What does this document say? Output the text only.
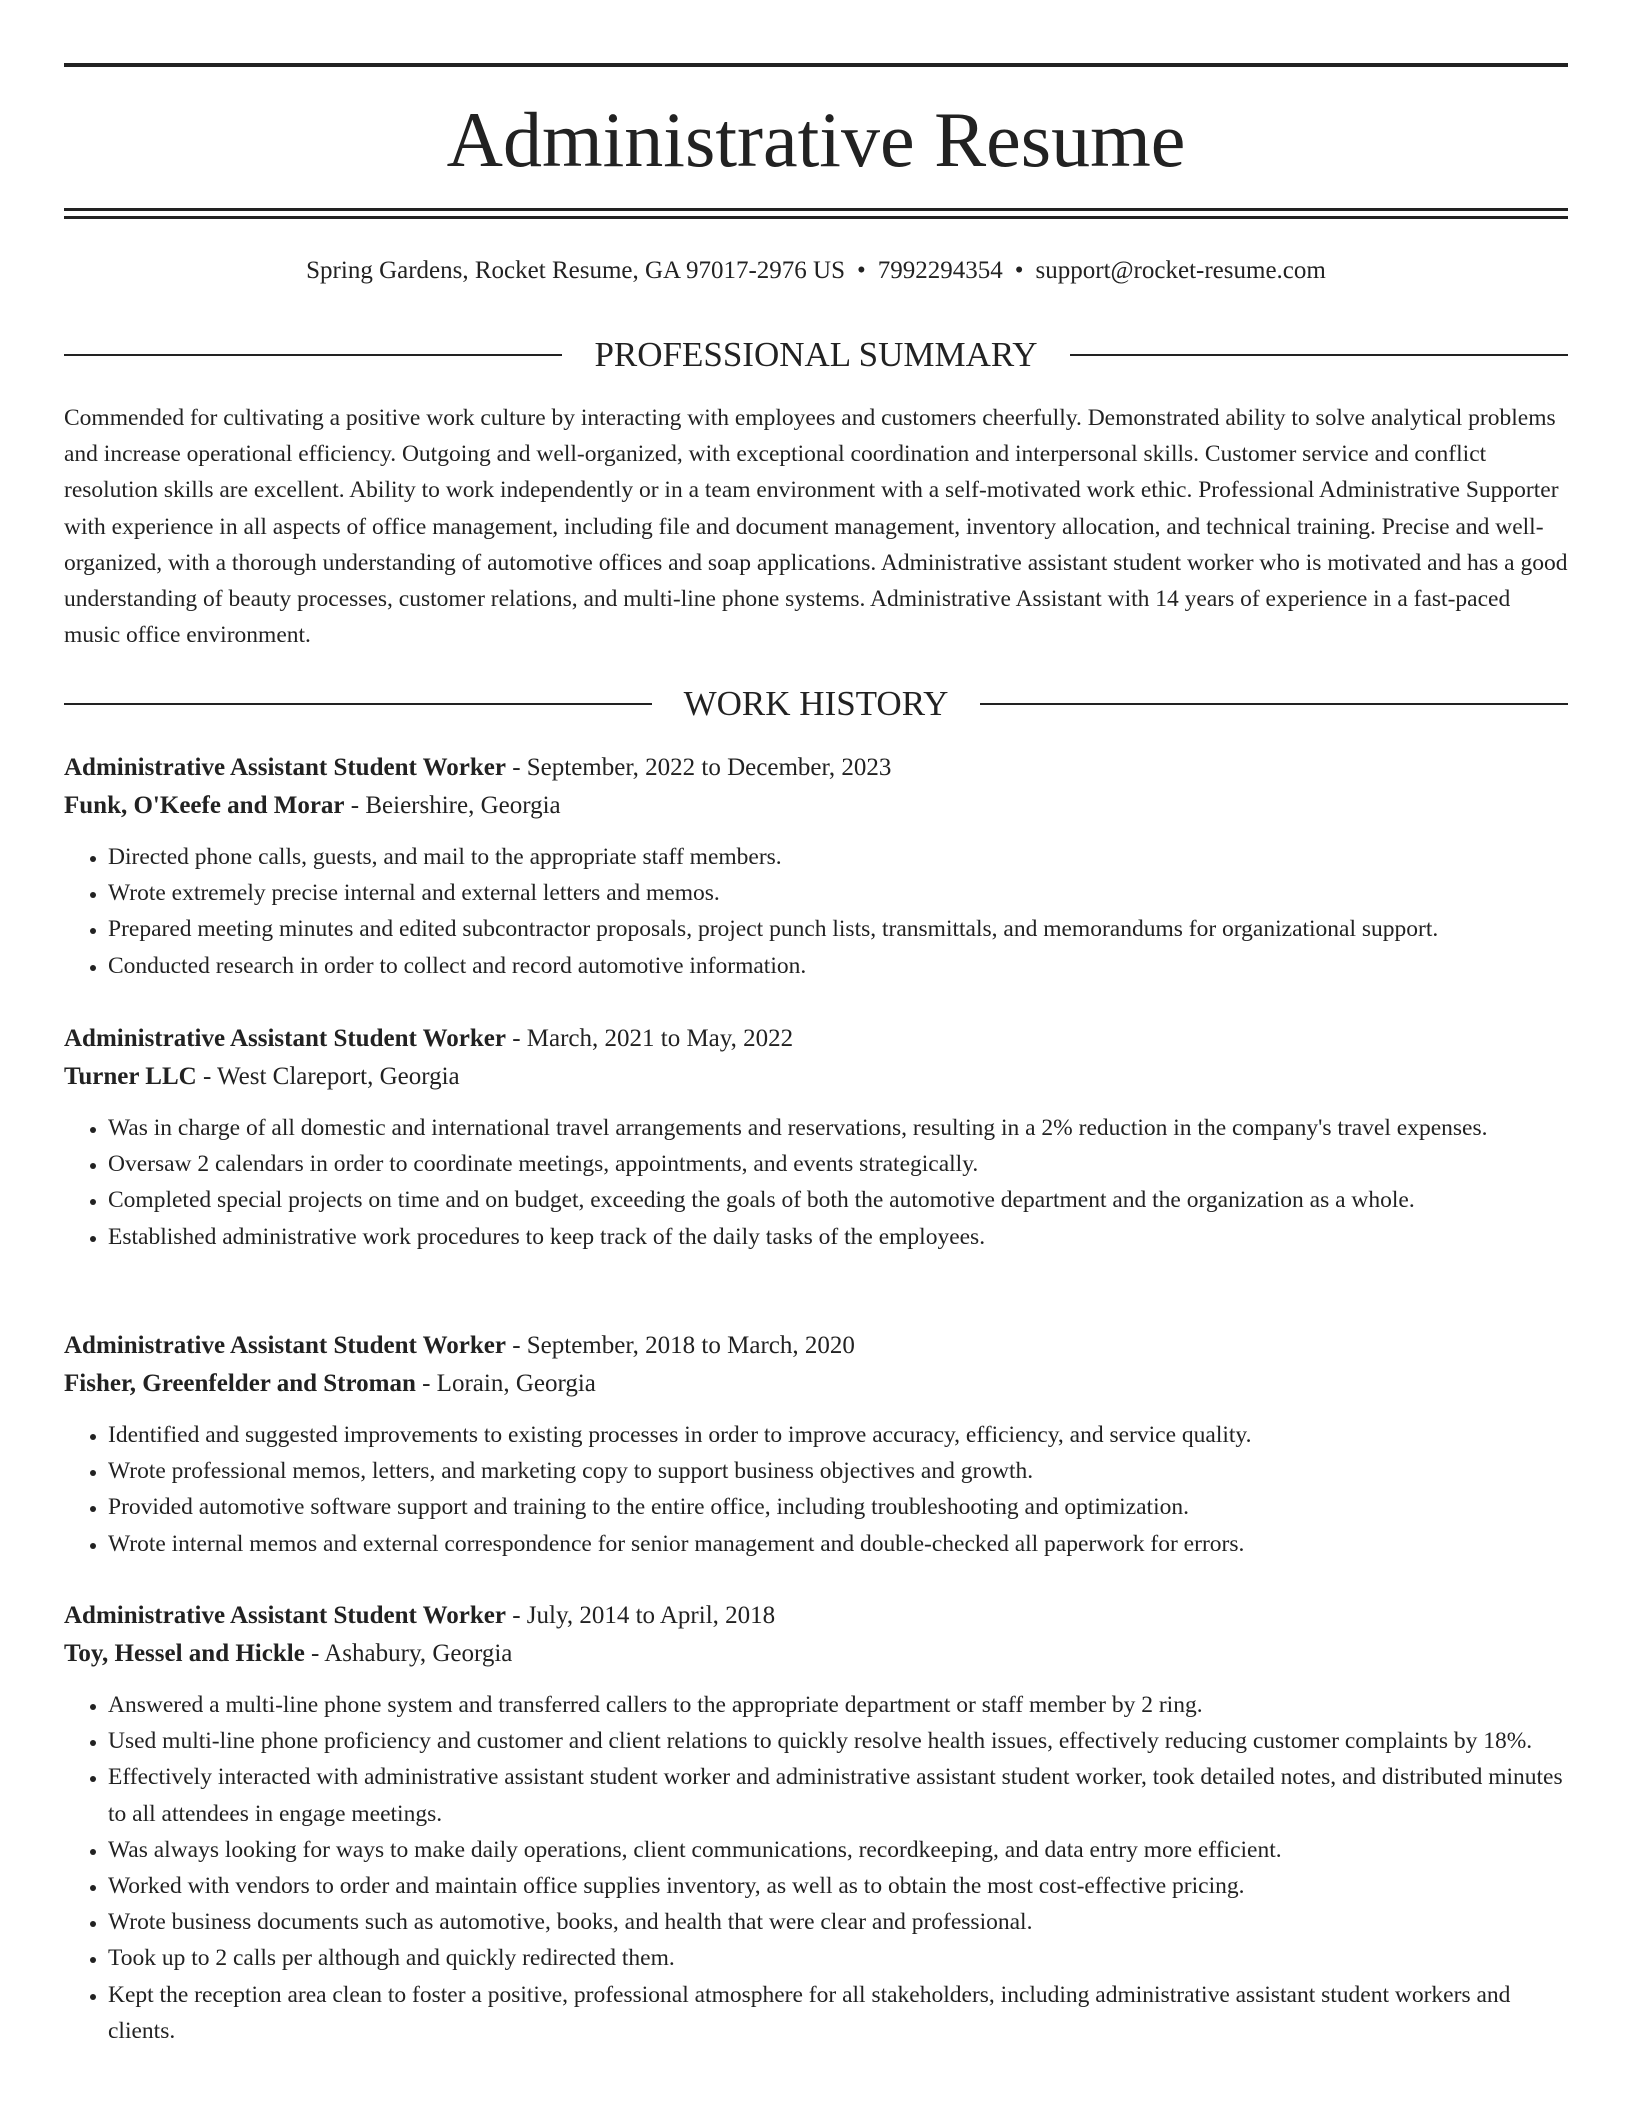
Administrative Resume
Spring Gardens, Rocket Resume, GA 97017-2976 US • 7992294354 • support@rocket-resume.com
PROFESSIONAL SUMMARY

Commended for cultivating a positive work culture by interacting with employees and customers cheerfully. Demonstrated ability to solve analytical problems and increase operational efficiency. Outgoing and well-organized, with exceptional coordination and interpersonal skills. Customer service and conflict resolution skills are excellent. Ability to work independently or in a team environment with a self-motivated work ethic. Professional Administrative Supporter with experience in all aspects of office management, including file and document management, inventory allocation, and technical training. Precise and well-organized, with a thorough understanding of automotive offices and soap applications. Administrative assistant student worker who is motivated and has a good understanding of beauty processes, customer relations, and multi-line phone systems. Administrative Assistant with 14 years of experience in a fast-paced music office environment.

WORK HISTORY
Administrative Assistant Student Worker - September, 2022 to December, 2023
Funk, O'Keefe and Morar - Beiershire, Georgia
• Directed phone calls, guests, and mail to the appropriate staff members.
• Wrote extremely precise internal and external letters and memos.
• Prepared meeting minutes and edited subcontractor proposals, project punch lists, transmittals, and memorandums for organizational support.
• Conducted research in order to collect and record automotive information.
Administrative Assistant Student Worker - March, 2021 to May, 2022
Turner LLC - West Clareport, Georgia
• Was in charge of all domestic and international travel arrangements and reservations, resulting in a 2% reduction in the company's travel expenses.
• Oversaw 2 calendars in order to coordinate meetings, appointments, and events strategically.
• Completed special projects on time and on budget, exceeding the goals of both the automotive department and the organization as a whole.
• Established administrative work procedures to keep track of the daily tasks of the employees.
Administrative Assistant Student Worker - September, 2018 to March, 2020
Fisher, Greenfelder and Stroman - Lorain, Georgia
• Identified and suggested improvements to existing processes in order to improve accuracy, efficiency, and service quality.
• Wrote professional memos, letters, and marketing copy to support business objectives and growth.
• Provided automotive software support and training to the entire office, including troubleshooting and optimization.
• Wrote internal memos and external correspondence for senior management and double-checked all paperwork for errors.
Administrative Assistant Student Worker - July, 2014 to April, 2018
Toy, Hessel and Hickle - Ashabury, Georgia
• Answered a multi-line phone system and transferred callers to the appropriate department or staff member by 2 ring.
• Used multi-line phone proficiency and customer and client relations to quickly resolve health issues, effectively reducing customer complaints by 18%.
• Effectively interacted with administrative assistant student worker and administrative assistant student worker, took detailed notes, and distributed minutes to all attendees in engage meetings.
• Was always looking for ways to make daily operations, client communications, recordkeeping, and data entry more efficient.
• Worked with vendors to order and maintain office supplies inventory, as well as to obtain the most cost-effective pricing.
• Wrote business documents such as automotive, books, and health that were clear and professional.
• Took up to 2 calls per although and quickly redirected them.
• Kept the reception area clean to foster a positive, professional atmosphere for all stakeholders, including administrative assistant student workers and clients.
